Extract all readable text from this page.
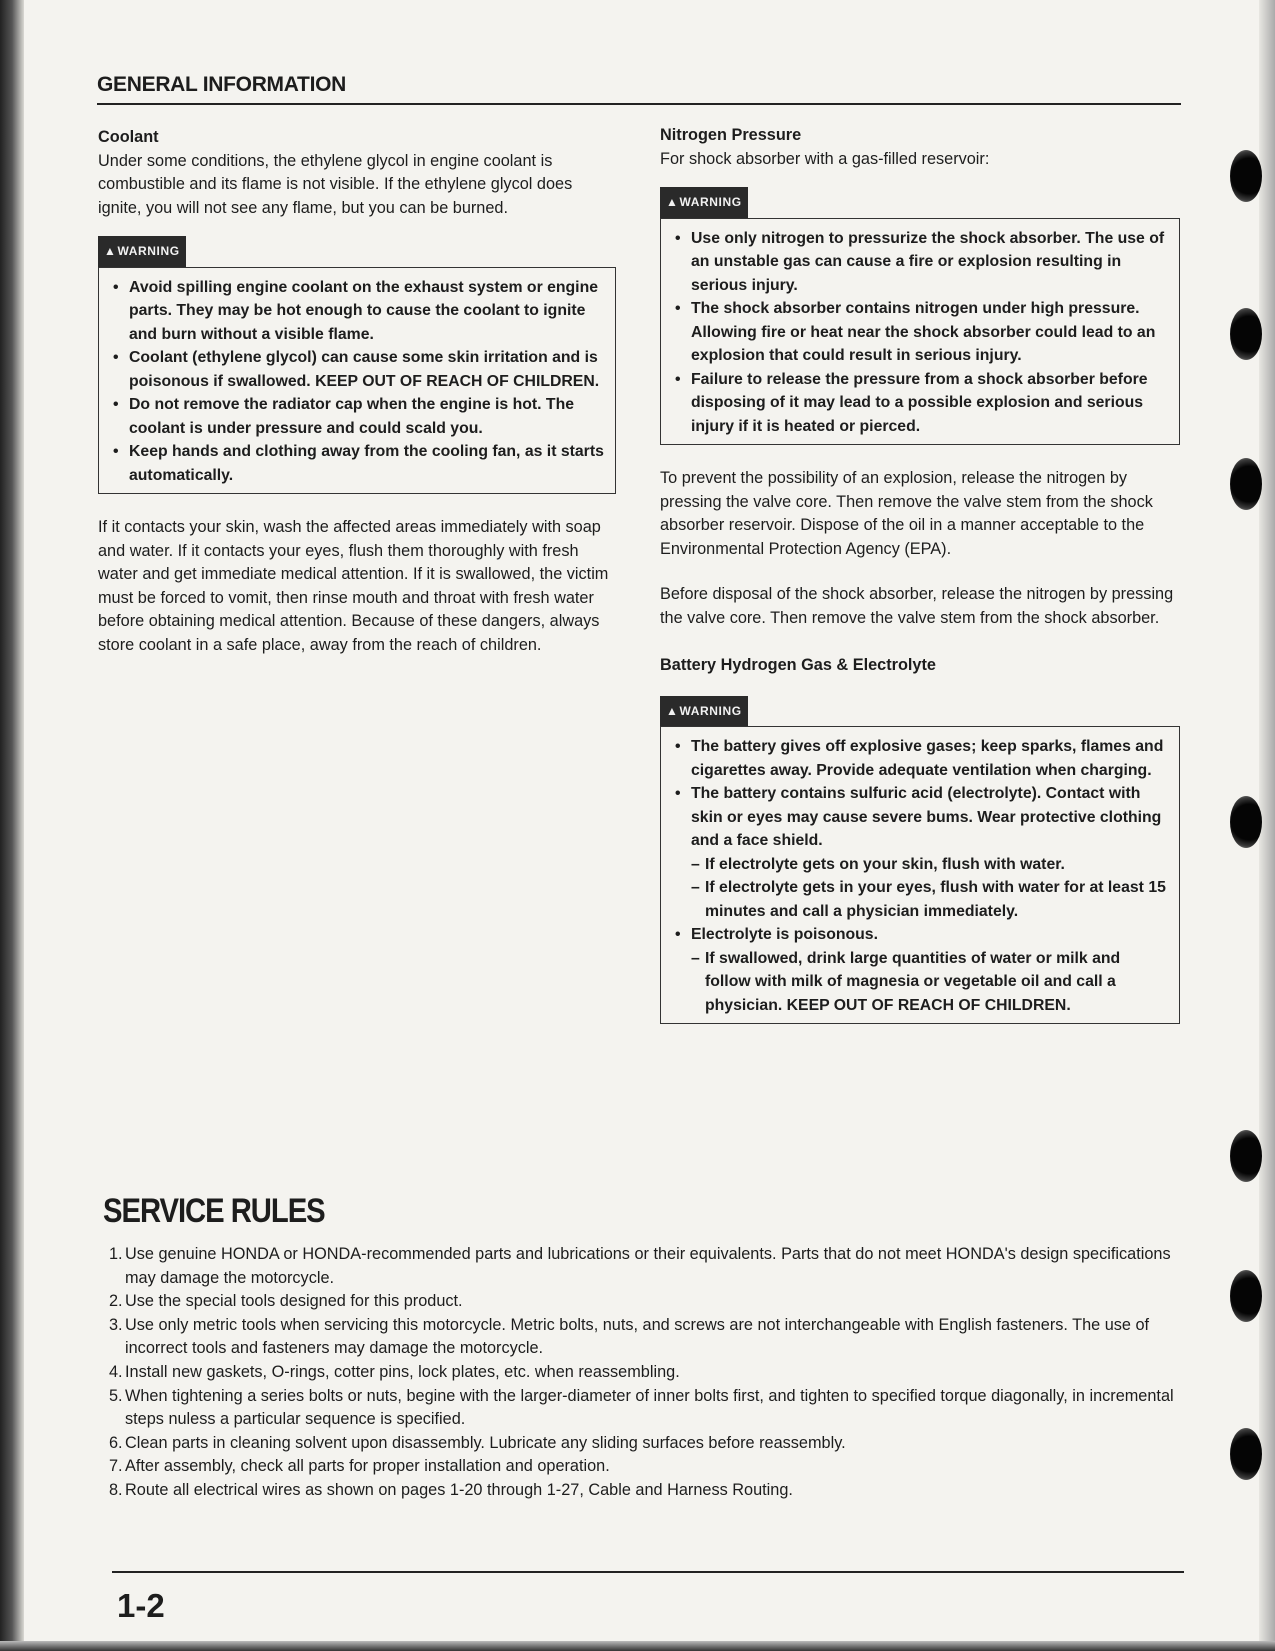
GENERAL INFORMATION

Coolant

Under some conditions, the ethylene glycol in engine coolant is combustible and its flame is not visible. If the ethylene glycol does ignite, you will not see any flame, but you can be burned.

▲WARNING
• Avoid spilling engine coolant on the exhaust system or engine parts. They may be hot enough to cause the coolant to ignite and burn without a visible flame.
• Coolant (ethylene glycol) can cause some skin irritation and is poisonous if swallowed. KEEP OUT OF REACH OF CHILDREN.
• Do not remove the radiator cap when the engine is hot. The coolant is under pressure and could scald you.
• Keep hands and clothing away from the cooling fan, as it starts automatically.

If it contacts your skin, wash the affected areas immediately with soap and water. If it contacts your eyes, flush them thoroughly with fresh water and get immediate medical attention. If it is swallowed, the victim must be forced to vomit, then rinse mouth and throat with fresh water before obtaining medical attention. Because of these dangers, always store coolant in a safe place, away from the reach of children.

Nitrogen Pressure

For shock absorber with a gas-filled reservoir:

▲WARNING
• Use only nitrogen to pressurize the shock absorber. The use of an unstable gas can cause a fire or explosion resulting in serious injury.
• The shock absorber contains nitrogen under high pressure. Allowing fire or heat near the shock absorber could lead to an explosion that could result in serious injury.
• Failure to release the pressure from a shock absorber before disposing of it may lead to a possible explosion and serious injury if it is heated or pierced.

To prevent the possibility of an explosion, release the nitrogen by pressing the valve core. Then remove the valve stem from the shock absorber reservoir. Dispose of the oil in a manner acceptable to the Environmental Protection Agency (EPA).

Before disposal of the shock absorber, release the nitrogen by pressing the valve core. Then remove the valve stem from the shock absorber.

Battery Hydrogen Gas & Electrolyte

▲WARNING
• The battery gives off explosive gases; keep sparks, flames and cigarettes away. Provide adequate ventilation when charging.
• The battery contains sulfuric acid (electrolyte). Contact with skin or eyes may cause severe bums. Wear protective clothing and a face shield.
– If electrolyte gets on your skin, flush with water.
– If electrolyte gets in your eyes, flush with water for at least 15 minutes and call a physician immediately.
• Electrolyte is poisonous.
– If swallowed, drink large quantities of water or milk and follow with milk of magnesia or vegetable oil and call a physician. KEEP OUT OF REACH OF CHILDREN.
SERVICE RULES
1. Use genuine HONDA or HONDA-recommended parts and lubrications or their equivalents. Parts that do not meet HONDA's design specifications may damage the motorcycle.
2. Use the special tools designed for this product.
3. Use only metric tools when servicing this motorcycle. Metric bolts, nuts, and screws are not interchangeable with English fasteners. The use of incorrect tools and fasteners may damage the motorcycle.
4. Install new gaskets, O-rings, cotter pins, lock plates, etc. when reassembling.
5. When tightening a series bolts or nuts, begine with the larger-diameter of inner bolts first, and tighten to specified torque diagonally, in incremental steps nuless a particular sequence is specified.
6. Clean parts in cleaning solvent upon disassembly. Lubricate any sliding surfaces before reassembly.
7. After assembly, check all parts for proper installation and operation.
8. Route all electrical wires as shown on pages 1-20 through 1-27, Cable and Harness Routing.
1-2
